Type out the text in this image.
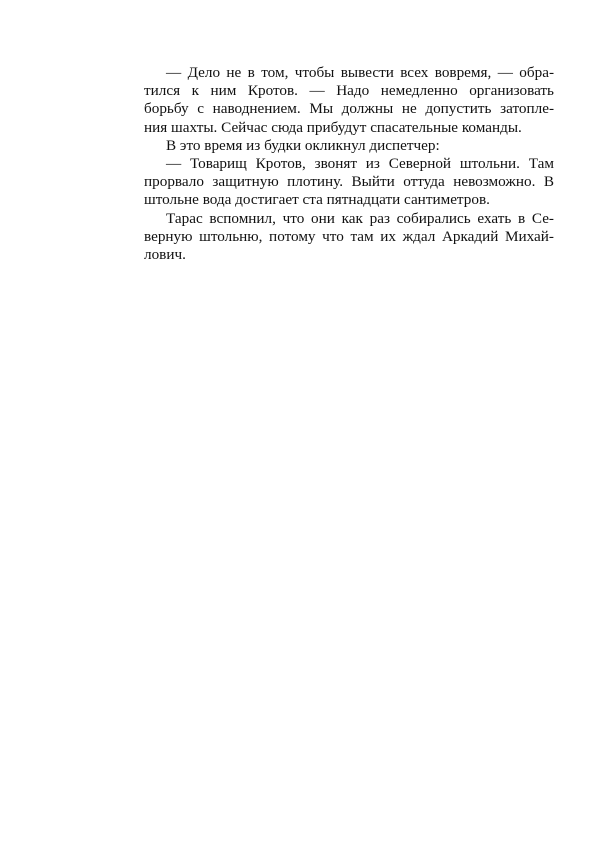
— Дело не в том, чтобы вывести всех вовремя, — обра-
тился к ним Кротов. — Надо немедленно организовать
борьбу с наводнением. Мы должны не допустить затопле-
ния шахты. Сейчас сюда прибудут спасательные команды.
В это время из будки окликнул диспетчер:
— Товарищ Кротов, звонят из Северной штольни. Там
прорвало защитную плотину. Выйти оттуда невозможно. В
штольне вода достигает ста пятнадцати сантиметров.
Тарас вспомнил, что они как раз собирались ехать в Се-
верную штольню, потому что там их ждал Аркадий Михай-
лович.
